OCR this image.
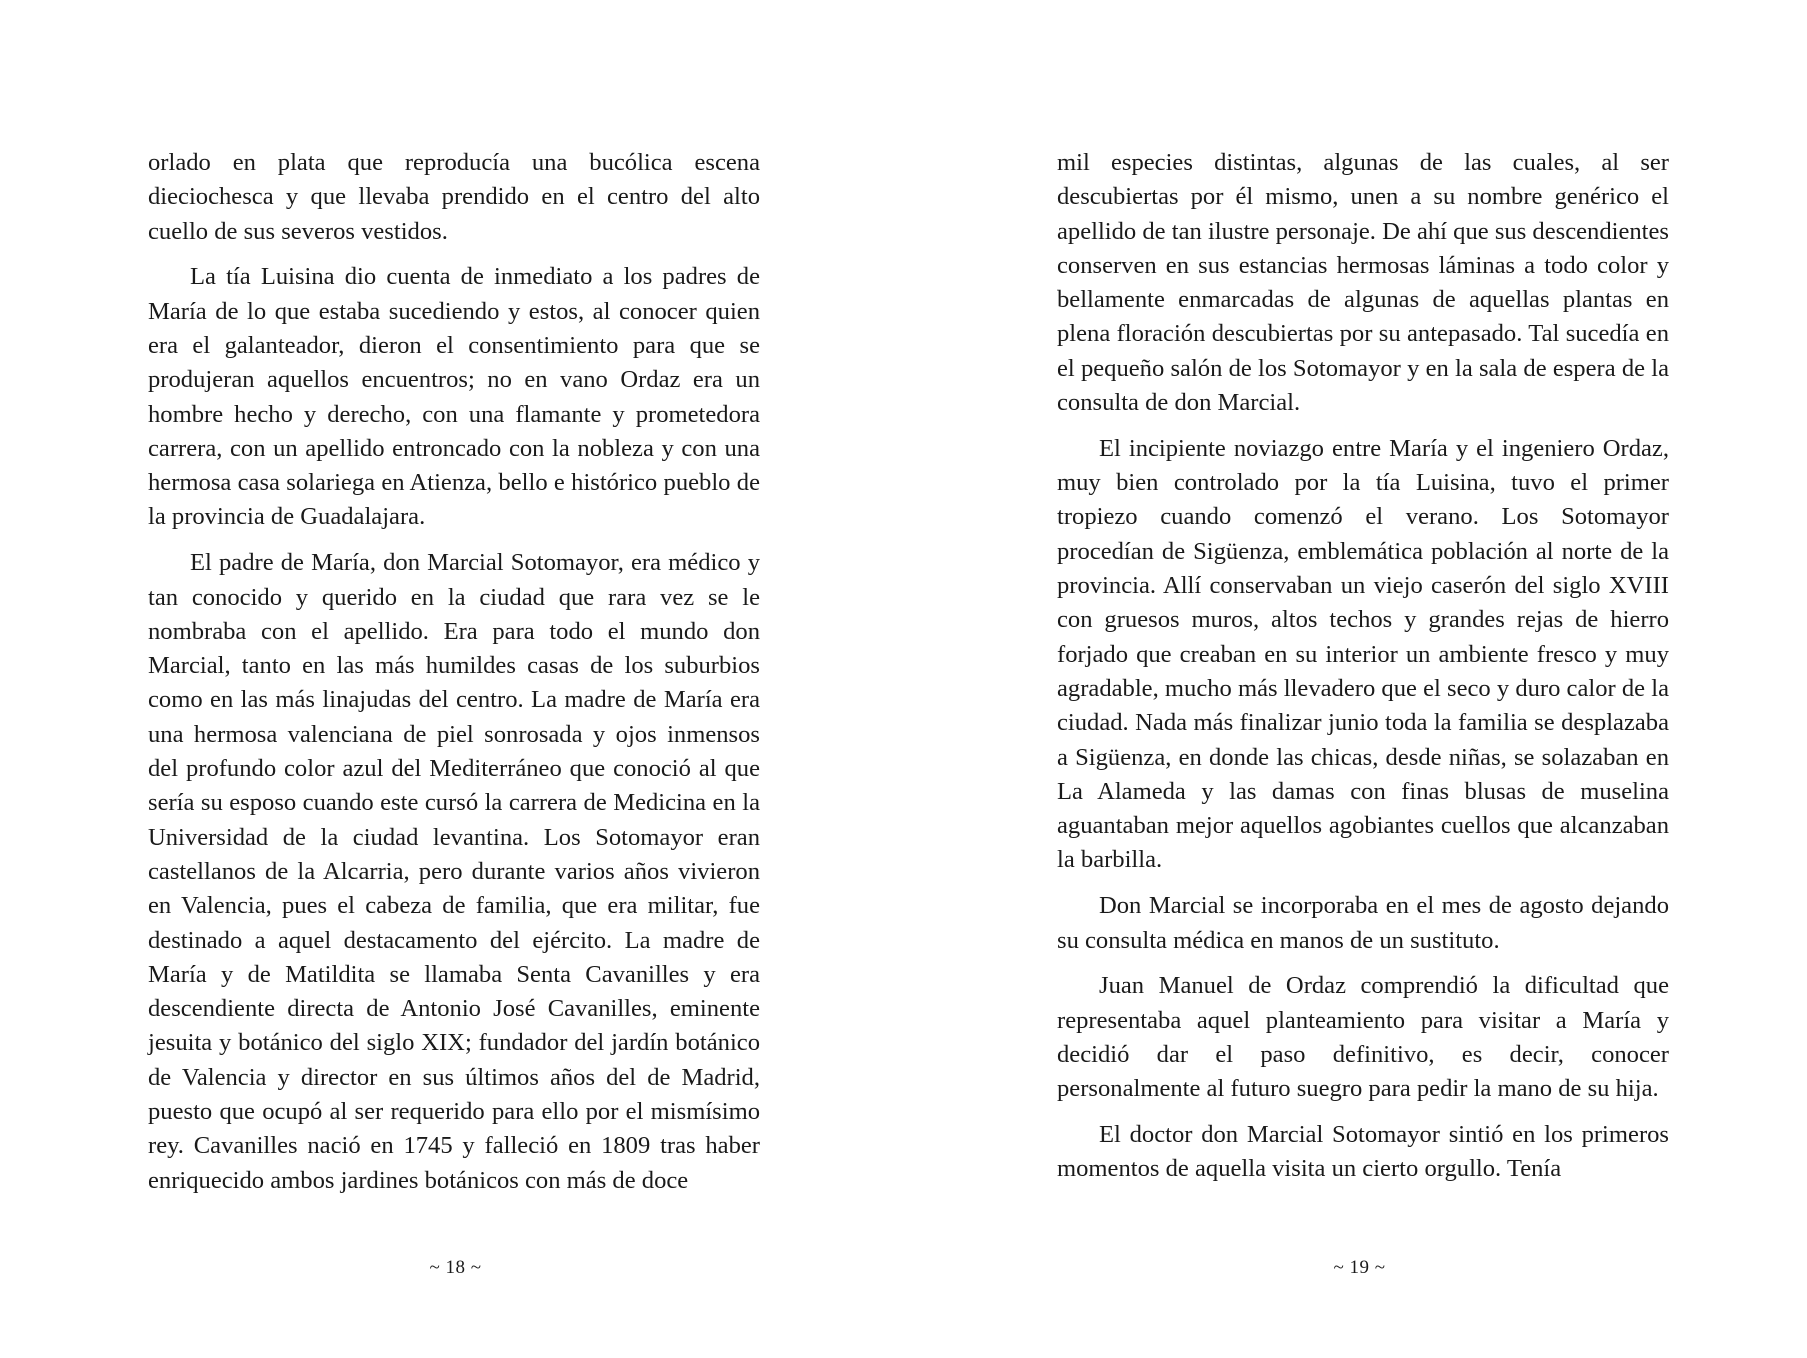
orlado en plata que reproducía una bucólica escena dieciochesca y que llevaba prendido en el centro del alto cuello de sus severos vestidos.

La tía Luisina dio cuenta de inmediato a los padres de María de lo que estaba sucediendo y estos, al conocer quien era el galanteador, dieron el consentimiento para que se produjeran aquellos encuentros; no en vano Ordaz era un hombre hecho y derecho, con una flamante y prometedora carrera, con un apellido entroncado con la nobleza y con una hermosa casa solariega en Atienza, bello e histórico pueblo de la provincia de Guadalajara.

El padre de María, don Marcial Sotomayor, era médico y tan conocido y querido en la ciudad que rara vez se le nombraba con el apellido. Era para todo el mundo don Marcial, tanto en las más humildes casas de los suburbios como en las más linajudas del centro. La madre de María era una hermosa valenciana de piel sonrosada y ojos inmensos del profundo color azul del Mediterráneo que conoció al que sería su esposo cuando este cursó la carrera de Medicina en la Universidad de la ciudad levantina. Los Sotomayor eran castellanos de la Alcarria, pero durante varios años vivieron en Valencia, pues el cabeza de familia, que era militar, fue destinado a aquel destacamento del ejército. La madre de María y de Matildita se llamaba Senta Cavanilles y era descendiente directa de Antonio José Cavanilles, eminente jesuita y botánico del siglo XIX; fundador del jardín botánico de Valencia y director en sus últimos años del de Madrid, puesto que ocupó al ser requerido para ello por el mismísimo rey. Cavanilles nació en 1745 y falleció en 1809 tras haber enriquecido ambos jardines botánicos con más de doce

~ 18 ~

mil especies distintas, algunas de las cuales, al ser descubiertas por él mismo, unen a su nombre genérico el apellido de tan ilustre personaje. De ahí que sus descendientes conserven en sus estancias hermosas láminas a todo color y bellamente enmarcadas de algunas de aquellas plantas en plena floración descubiertas por su antepasado. Tal sucedía en el pequeño salón de los Sotomayor y en la sala de espera de la consulta de don Marcial.

El incipiente noviazgo entre María y el ingeniero Ordaz, muy bien controlado por la tía Luisina, tuvo el primer tropiezo cuando comenzó el verano. Los Sotomayor procedían de Sigüenza, emblemática población al norte de la provincia. Allí conservaban un viejo caserón del siglo XVIII con gruesos muros, altos techos y grandes rejas de hierro forjado que creaban en su interior un ambiente fresco y muy agradable, mucho más llevadero que el seco y duro calor de la ciudad. Nada más finalizar junio toda la familia se desplazaba a Sigüenza, en donde las chicas, desde niñas, se solazaban en La Alameda y las damas con finas blusas de muselina aguantaban mejor aquellos agobiantes cuellos que alcanzaban la barbilla.

Don Marcial se incorporaba en el mes de agosto dejando su consulta médica en manos de un sustituto.

Juan Manuel de Ordaz comprendió la dificultad que representaba aquel planteamiento para visitar a María y decidió dar el paso definitivo, es decir, conocer personalmente al futuro suegro para pedir la mano de su hija.

El doctor don Marcial Sotomayor sintió en los primeros momentos de aquella visita un cierto orgullo. Tenía

~ 19 ~
